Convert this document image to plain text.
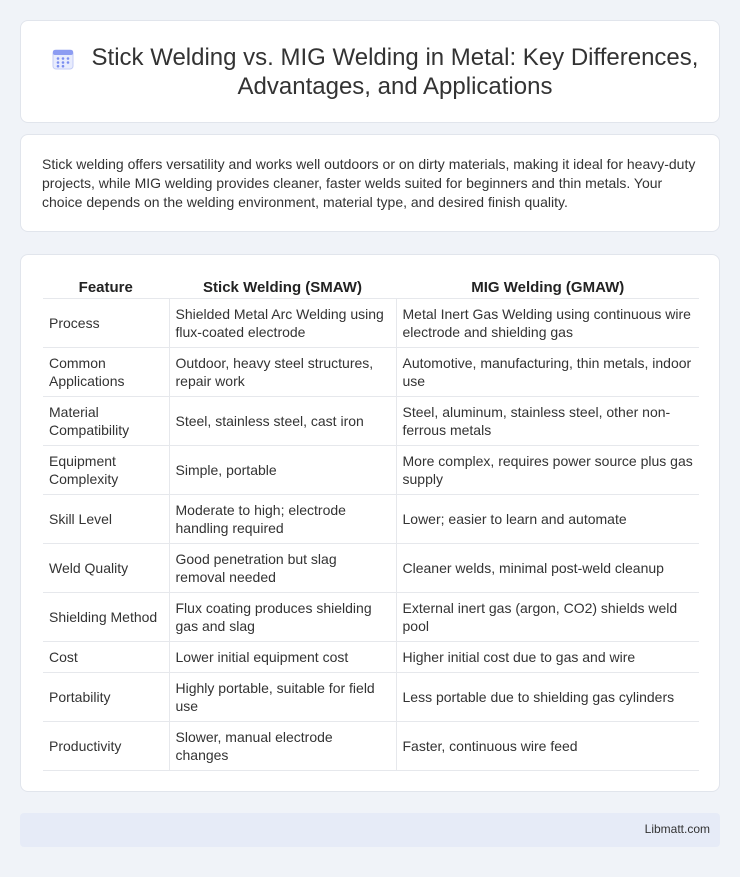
Stick Welding vs. MIG Welding in Metal: Key Differences, Advantages, and Applications

Stick welding offers versatility and works well outdoors or on dirty materials, making it ideal for heavy-duty projects, while MIG welding provides cleaner, faster welds suited for beginners and thin metals. Your choice depends on the welding environment, material type, and desired finish quality.

Feature	Stick Welding (SMAW)	MIG Welding (GMAW)
Process	Shielded Metal Arc Welding using flux-coated electrode	Metal Inert Gas Welding using continuous wire electrode and shielding gas
Common Applications	Outdoor, heavy steel structures, repair work	Automotive, manufacturing, thin metals, indoor use
Material Compatibility	Steel, stainless steel, cast iron	Steel, aluminum, stainless steel, other non-ferrous metals
Equipment Complexity	Simple, portable	More complex, requires power source plus gas supply
Skill Level	Moderate to high; electrode handling required	Lower; easier to learn and automate
Weld Quality	Good penetration but slag removal needed	Cleaner welds, minimal post-weld cleanup
Shielding Method	Flux coating produces shielding gas and slag	External inert gas (argon, CO2) shields weld pool
Cost	Lower initial equipment cost	Higher initial cost due to gas and wire
Portability	Highly portable, suitable for field use	Less portable due to shielding gas cylinders
Productivity	Slower, manual electrode changes	Faster, continuous wire feed
Libmatt.com
